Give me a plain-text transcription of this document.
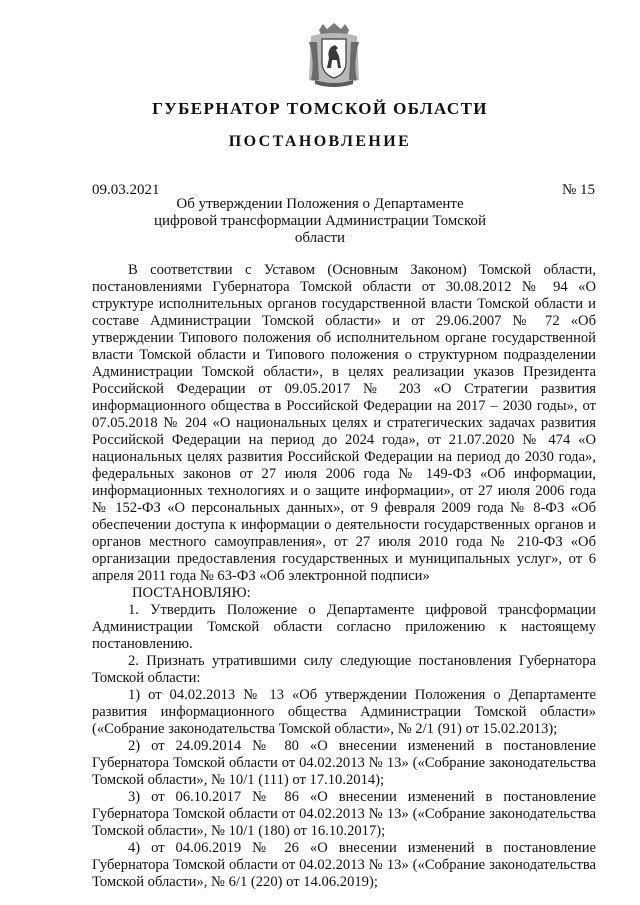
ГУБЕРНАТОР ТОМСКОЙ ОБЛАСТИ
ПОСТАНОВЛЕНИЕ
09.03.2021	№ 15
Об утверждении Положения о Департаменте цифровой трансформации Администрации Томской области

В соответствии с Уставом (Основным Законом) Томской области, постановлениями Губернатора Томской области от 30.08.2012 № 94 «О структуре исполнительных органов государственной власти Томской области и составе Администрации Томской области» и от 29.06.2007 № 72 «Об утверждении Типового положения об исполнительном органе государственной власти Томской области и Типового положения о структурном подразделении Администрации Томской области», в целях реализации указов Президента Российской Федерации от 09.05.2017 № 203 «О Стратегии развития информационного общества в Российской Федерации на 2017 – 2030 годы», от 07.05.2018 № 204 «О национальных целях и стратегических задачах развития Российской Федерации на период до 2024 года», от 21.07.2020 № 474 «О национальных целях развития Российской Федерации на период до 2030 года», федеральных законов от 27 июля 2006 года № 149-ФЗ «Об информации, информационных технологиях и о защите информации», от 27 июля 2006 года № 152-ФЗ «О персональных данных», от 9 февраля 2009 года № 8-ФЗ «Об обеспечении доступа к информации о деятельности государственных органов и органов местного самоуправления», от 27 июля 2010 года № 210-ФЗ «Об организации предоставления государственных и муниципальных услуг», от 6 апреля 2011 года № 63-ФЗ «Об электронной подписи»

ПОСТАНОВЛЯЮ:

1. Утвердить Положение о Департаменте цифровой трансформации Администрации Томской области согласно приложению к настоящему постановлению.

2. Признать утратившими силу следующие постановления Губернатора Томской области:

1) от 04.02.2013 № 13 «Об утверждении Положения о Департаменте развития информационного общества Администрации Томской области» («Собрание законодательства Томской области», № 2/1 (91) от 15.02.2013);

2) от 24.09.2014 № 80 «О внесении изменений в постановление Губернатора Томской области от 04.02.2013 № 13» («Собрание законодательства Томской области», № 10/1 (111) от 17.10.2014);

3) от 06.10.2017 № 86 «О внесении изменений в постановление Губернатора Томской области от 04.02.2013 № 13» («Собрание законодательства Томской области», № 10/1 (180) от 16.10.2017);

4) от 04.06.2019 № 26 «О внесении изменений в постановление Губернатора Томской области от 04.02.2013 № 13» («Собрание законодательства Томской области», № 6/1 (220) от 14.06.2019);
